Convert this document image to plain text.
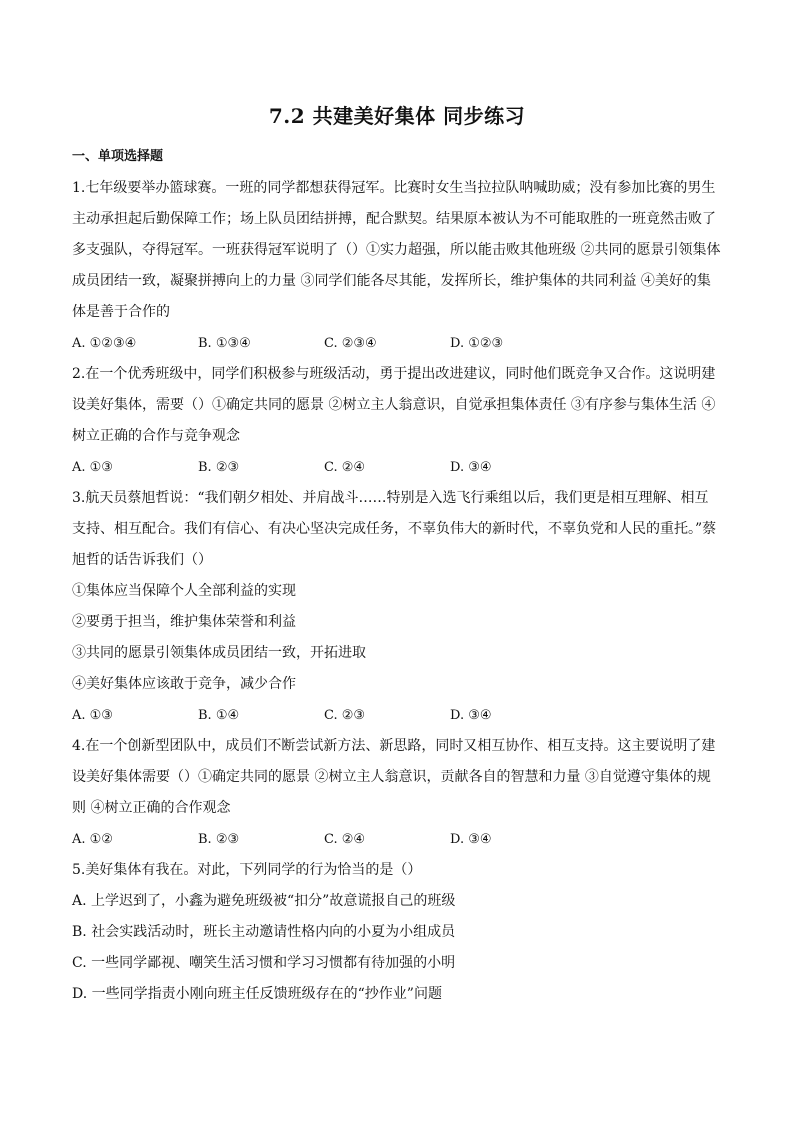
7.2 共建美好集体 同步练习
一、单项选择题

1.七年级要举办篮球赛。一班的同学都想获得冠军。比赛时女生当拉拉队呐喊助威；没有参加比赛的男生主动承担起后勤保障工作；场上队员团结拼搏，配合默契。结果原本被认为不可能取胜的一班竟然击败了多支强队，夺得冠军。一班获得冠军说明了（）①实力超强，所以能击败其他班级 ②共同的愿景引领集体成员团结一致，凝聚拼搏向上的力量 ③同学们能各尽其能，发挥所长，维护集体的共同利益 ④美好的集体是善于合作的

A. ①②③④	B. ①③④	C. ②③④	D. ①②③

2.在一个优秀班级中，同学们积极参与班级活动，勇于提出改进建议，同时他们既竞争又合作。这说明建设美好集体，需要（）①确定共同的愿景 ②树立主人翁意识，自觉承担集体责任 ③有序参与集体生活 ④树立正确的合作与竞争观念

A. ①③	B. ②③	C. ②④	D. ③④

3.航天员蔡旭哲说：“我们朝夕相处、并肩战斗……特别是入选飞行乘组以后，我们更是相互理解、相互支持、相互配合。我们有信心、有决心坚决完成任务，不辜负伟大的新时代，不辜负党和人民的重托。”蔡旭哲的话告诉我们（）

①集体应当保障个人全部利益的实现

②要勇于担当，维护集体荣誉和利益

③共同的愿景引领集体成员团结一致，开拓进取

④美好集体应该敢于竞争，减少合作

A. ①③	B. ①④	C. ②③	D. ③④

4.在一个创新型团队中，成员们不断尝试新方法、新思路，同时又相互协作、相互支持。这主要说明了建设美好集体需要（）①确定共同的愿景 ②树立主人翁意识，贡献各自的智慧和力量 ③自觉遵守集体的规则 ④树立正确的合作观念

A. ①②	B. ②③	C. ②④	D. ③④

5.美好集体有我在。对此，下列同学的行为恰当的是（）

A. 上学迟到了，小鑫为避免班级被“扣分”故意谎报自己的班级

B. 社会实践活动时，班长主动邀请性格内向的小夏为小组成员

C. 一些同学鄙视、嘲笑生活习惯和学习习惯都有待加强的小明

D. 一些同学指责小刚向班主任反馈班级存在的“抄作业”问题
